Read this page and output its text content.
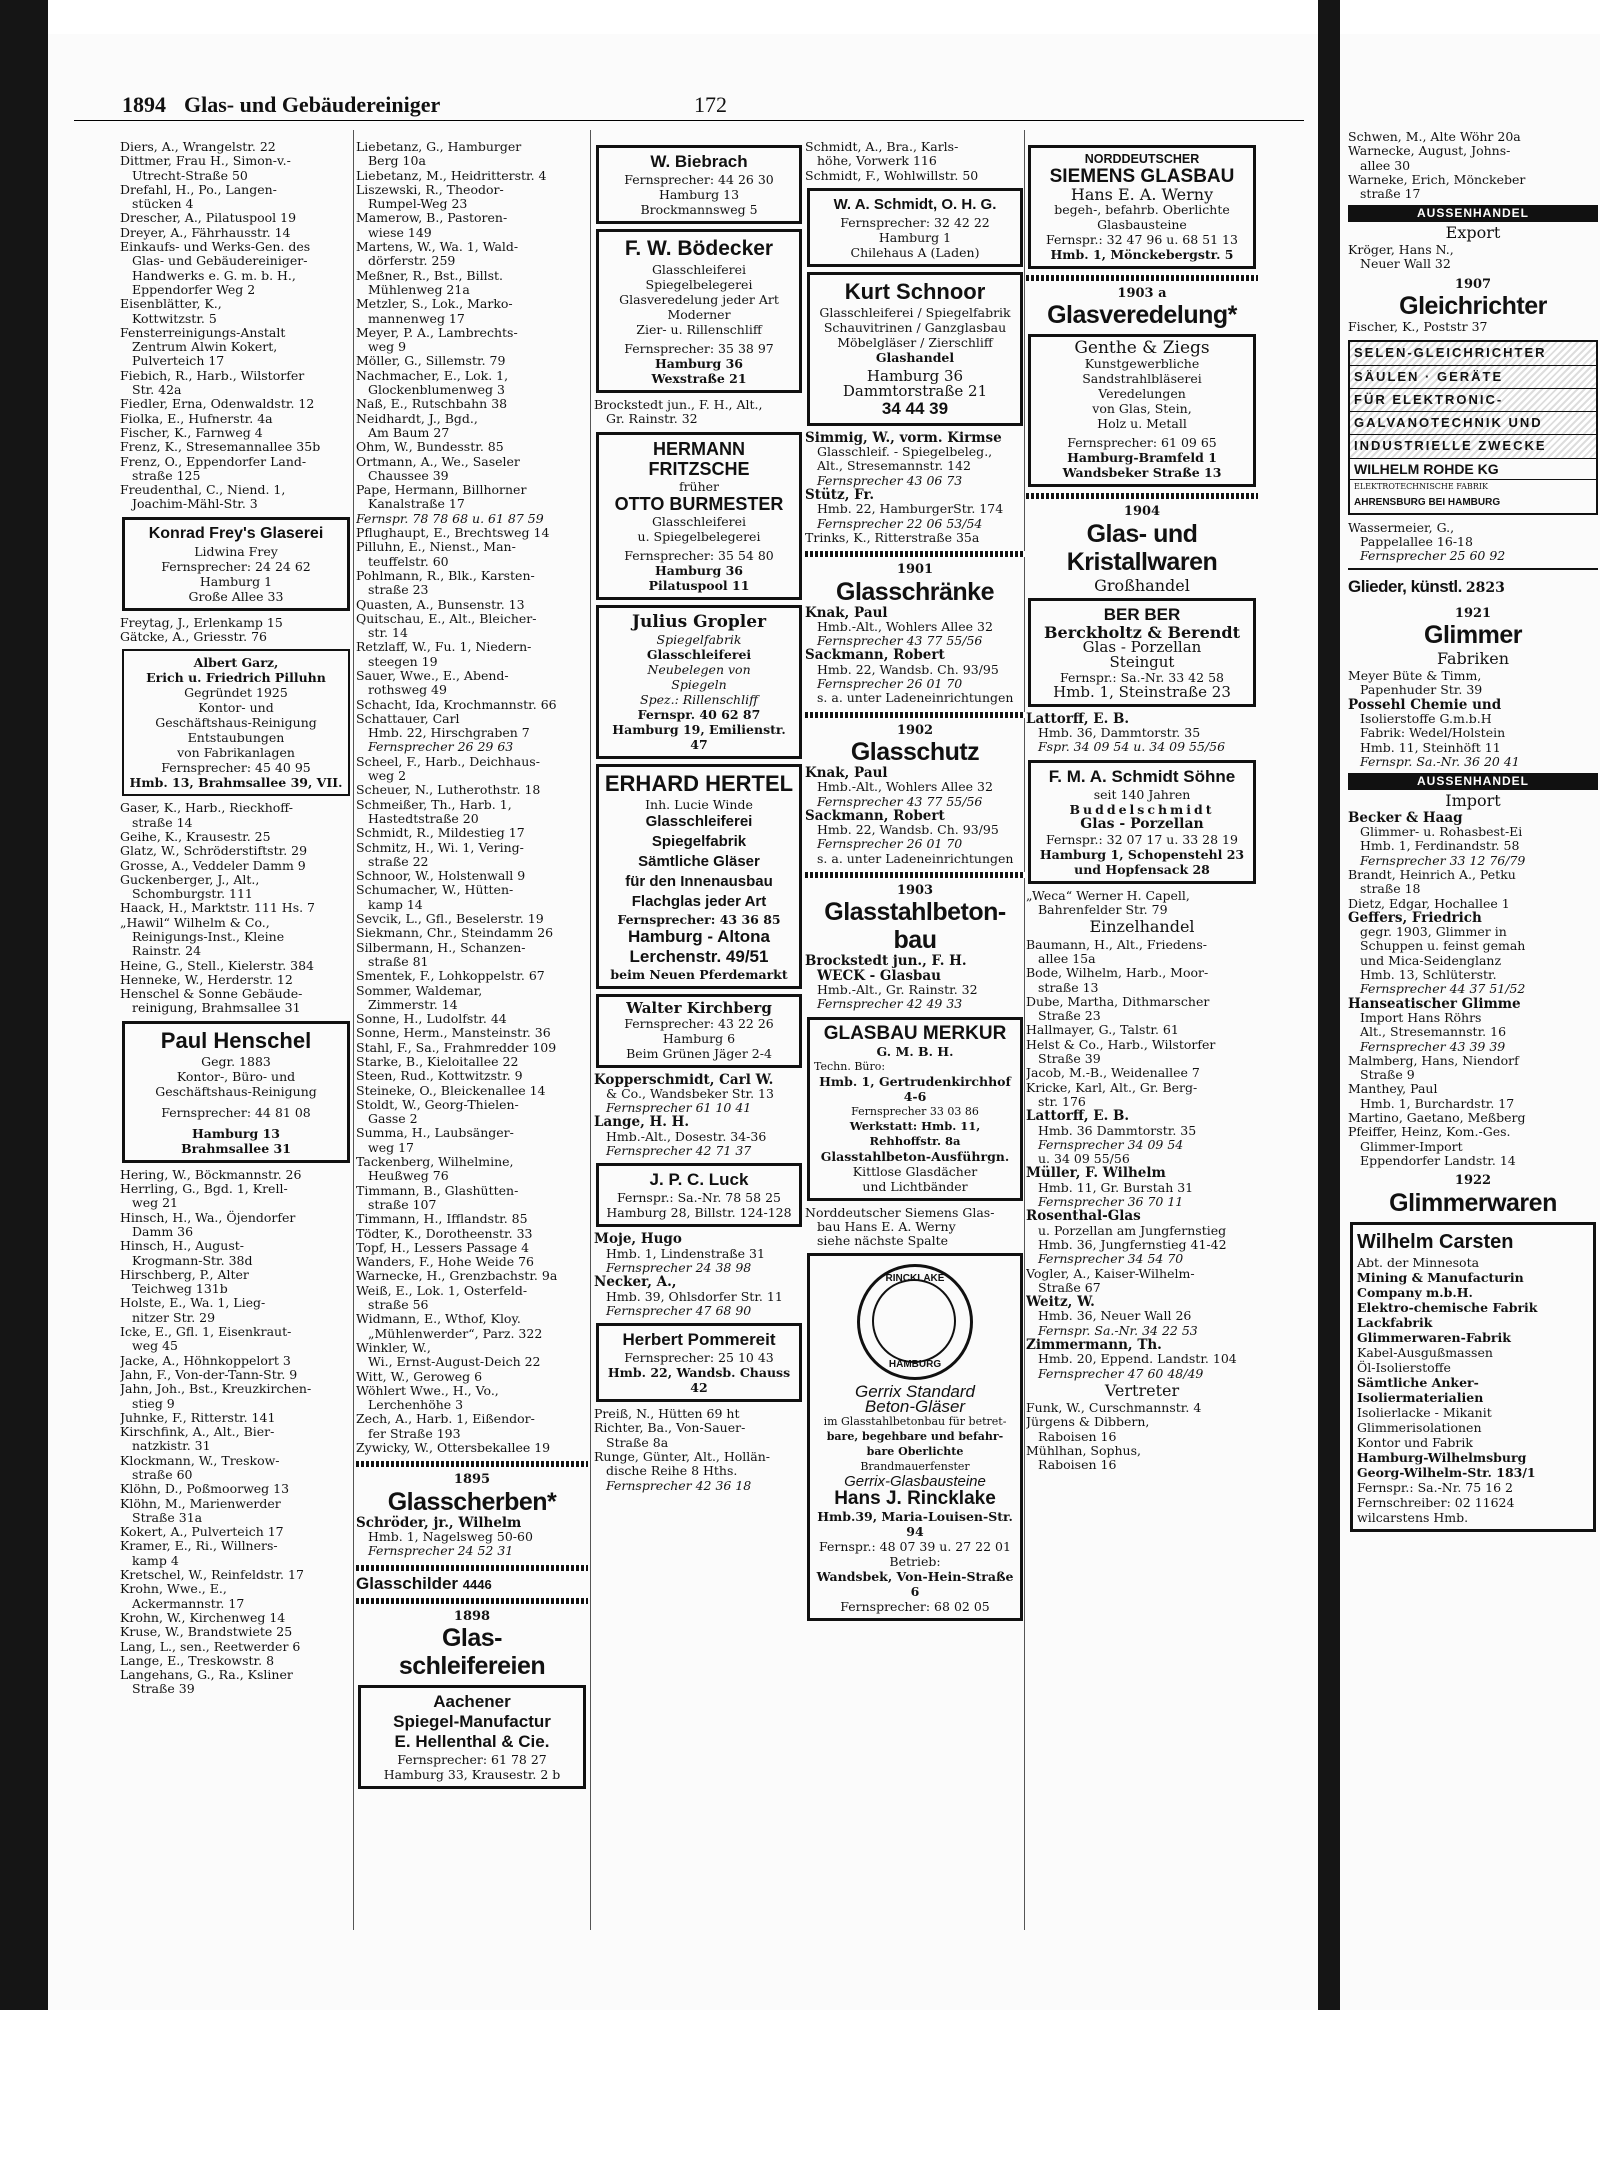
Schwen, M., Alte Wöhr 20a
Warnecke, August, Johns-
allee 30
Warneke, Erich, Mönckeber
straße 17
AUSSENHANDEL
Export
Kröger, Hans N.,
Neuer Wall 32
1907
Gleichrichter
Fischer, K., Poststr 37
SELEN-GLEICHRICHTER
SÄULEN · GERÄTE
FÜR ELEKTRONIC-
GALVANOTECHNIK UND
INDUSTRIELLE ZWECKE
WILHELM ROHDE KG
ELEKTROTECHNISCHE FABRIK
AHRENSBURG BEI HAMBURG
Wassermeier, G.,
Pappelallee 16-18
Fernsprecher 25 60 92
Glieder, künstl. 2823
1921
Glimmer
Fabriken
Meyer Büte & Timm,
Papenhuder Str. 39
Possehl Chemie und
Isolierstoffe G.m.b.H
Fabrik: Wedel/Holstein
Hmb. 11, Steinhöft 11
Fernspr. Sa.-Nr. 36 20 41
AUSSENHANDEL
Import
Becker & Haag
Glimmer- u. Rohasbest-Ei
Hmb. 1, Ferdinandstr. 58
Fernsprecher 33 12 76/79
Brandt, Heinrich A., Petku
straße 18
Dietz, Edgar, Hochallee 1
Geffers, Friedrich
gegr. 1903, Glimmer in
Schuppen u. feinst gemah
und Mica-Seidenglanz
Hmb. 13, Schlüterstr.
Fernsprecher 44 37 51/52
Hanseatischer Glimme
Import Hans Röhrs
Alt., Stresemannstr. 16
Fernsprecher 43 39 39
Malmberg, Hans, Niendorf
Straße 9
Manthey, Paul
Hmb. 1, Burchardstr. 17
Martino, Gaetano, Meßberg
Pfeiffer, Heinz, Kom.-Ges.
Glimmer-Import
Eppendorfer Landstr. 14
1922
Glimmerwaren
Wilhelm Carsten
Abt. der Minnesota
Mining & Manufacturin
Company m.b.H.
Elektro-chemische Fabrik
Lackfabrik
Glimmerwaren-Fabrik
Kabel-Ausgußmassen
Öl-Isolierstoffe
Sämtliche Anker-
Isoliermaterialien
Isolierlacke - Mikanit
Glimmerisolationen
Kontor und Fabrik
Hamburg-Wilhelmsburg
Georg-Wilhelm-Str. 183/1
Fernspr.: Sa.-Nr. 75 16 2
Fernschreiber: 02 11624
wilcarstens Hmb.
1894 Glas- und Gebäudereiniger	172
Diers, A., Wrangelstr. 22
Dittmer, Frau H., Simon-v.-
Utrecht-Straße 50
Drefahl, H., Po., Langen-
stücken 4
Drescher, A., Pilatuspool 19
Dreyer, A., Fährhausstr. 14
Einkaufs- und Werks-Gen. des
Glas- und Gebäudereiniger-
Handwerks e. G. m. b. H.,
Eppendorfer Weg 2
Eisenblätter, K.,
Kottwitzstr. 5
Fensterreinigungs-Anstalt
Zentrum Alwin Kokert,
Pulverteich 17
Fiebich, R., Harb., Wilstorfer
Str. 42a
Fiedler, Erna, Odenwaldstr. 12
Fiolka, E., Hufnerstr. 4a
Fischer, K., Farnweg 4
Frenz, K., Stresemannallee 35b
Frenz, O., Eppendorfer Land-
straße 125
Freudenthal, C., Niend. 1,
Joachim-Mähl-Str. 3
Konrad Frey's Glaserei
Lidwina Frey
Fernsprecher: 24 24 62
Hamburg 1
Große Allee 33
Freytag, J., Erlenkamp 15
Gätcke, A., Griesstr. 76
Albert Garz,
Erich u. Friedrich Pilluhn
Gegründet 1925
Kontor- und
Geschäftshaus-Reinigung
Entstaubungen
von Fabrikanlagen
Fernsprecher: 45 40 95
Hmb. 13, Brahmsallee 39, VII.
Gaser, K., Harb., Rieckhoff-
straße 14
Geihe, K., Krausestr. 25
Glatz, W., Schröderstiftstr. 29
Grosse, A., Veddeler Damm 9
Guckenberger, J., Alt.,
Schomburgstr. 111
Haack, H., Marktstr. 111 Hs. 7
„Hawil“ Wilhelm & Co.,
Reinigungs-Inst., Kleine
Rainstr. 24
Heine, G., Stell., Kielerstr. 384
Henneke, W., Herderstr. 12
Henschel & Sonne Gebäude-
reinigung, Brahmsallee 31
Paul Henschel
Gegr. 1883
Kontor-, Büro- und
Geschäftshaus-Reinigung
Fernsprecher: 44 81 08
Hamburg 13
Brahmsallee 31
Hering, W., Böckmannstr. 26
Herrling, G., Bgd. 1, Krell-
weg 21
Hinsch, H., Wa., Öjendorfer
Damm 36
Hinsch, H., August-
Krogmann-Str. 38d
Hirschberg, P., Alter
Teichweg 131b
Holste, E., Wa. 1, Lieg-
nitzer Str. 29
Icke, E., Gfl. 1, Eisenkraut-
weg 45
Jacke, A., Höhnkoppelort 3
Jahn, F., Von-der-Tann-Str. 9
Jahn, Joh., Bst., Kreuzkirchen-
stieg 9
Juhnke, F., Ritterstr. 141
Kirschfink, A., Alt., Bier-
natzkistr. 31
Klockmann, W., Treskow-
straße 60
Klöhn, D., Poßmoorweg 13
Klöhn, M., Marienwerder
Straße 31a
Kokert, A., Pulverteich 17
Kramer, E., Ri., Willners-
kamp 4
Kretschel, W., Reinfeldstr. 17
Krohn, Wwe., E.,
Ackermannstr. 17
Krohn, W., Kirchenweg 14
Kruse, W., Brandstwiete 25
Lang, L., sen., Reetwerder 6
Lange, E., Treskowstr. 8
Langehans, G., Ra., Ksliner
Straße 39
Liebetanz, G., Hamburger
Berg 10a
Liebetanz, M., Heidritterstr. 4
Liszewski, R., Theodor-
Rumpel-Weg 23
Mamerow, B., Pastoren-
wiese 149
Martens, W., Wa. 1, Wald-
dörferstr. 259
Meßner, R., Bst., Billst.
Mühlenweg 21a
Metzler, S., Lok., Marko-
mannenweg 17
Meyer, P. A., Lambrechts-
weg 9
Möller, G., Sillemstr. 79
Nachmacher, E., Lok. 1,
Glockenblumenweg 3
Naß, E., Rutschbahn 38
Neidhardt, J., Bgd.,
Am Baum 27
Ohm, W., Bundesstr. 85
Ortmann, A., We., Saseler
Chaussee 39
Pape, Hermann, Billhorner
Kanalstraße 17
Fernspr. 78 78 68 u. 61 87 59
Pflughaupt, E., Brechtsweg 14
Pilluhn, E., Nienst., Man-
teuffelstr. 60
Pohlmann, R., Blk., Karsten-
straße 23
Quasten, A., Bunsenstr. 13
Quitschau, E., Alt., Bleicher-
str. 14
Retzlaff, W., Fu. 1, Niedern-
steegen 19
Sauer, Wwe., E., Abend-
rothsweg 49
Schacht, Ida, Krochmannstr. 66
Schattauer, Carl
Hmb. 22, Hirschgraben 7
Fernsprecher 26 29 63
Scheel, F., Harb., Deichhaus-
weg 2
Scheuer, N., Lutherothstr. 18
Schmeißer, Th., Harb. 1,
Hastedtstraße 20
Schmidt, R., Mildestieg 17
Schmitz, H., Wi. 1, Vering-
straße 22
Schnoor, W., Holstenwall 9
Schumacher, W., Hütten-
kamp 14
Sevcik, L., Gfl., Beselerstr. 19
Siekmann, Chr., Steindamm 26
Silbermann, H., Schanzen-
straße 81
Smentek, F., Lohkoppelstr. 67
Sommer, Waldemar,
Zimmerstr. 14
Sonne, H., Ludolfstr. 44
Sonne, Herm., Mansteinstr. 36
Stahl, F., Sa., Frahmredder 109
Starke, B., Kieloitallee 22
Steen, Rud., Kottwitzstr. 9
Steineke, O., Bleickenallee 14
Stoldt, W., Georg-Thielen-
Gasse 2
Summa, H., Laubsänger-
weg 17
Tackenberg, Wilhelmine,
Heußweg 76
Timmann, B., Glashütten-
straße 107
Timmann, H., Ifflandstr. 85
Tödter, K., Dorotheenstr. 33
Topf, H., Lessers Passage 4
Wanders, F., Hohe Weide 76
Warnecke, H., Grenzbachstr. 9a
Weiß, E., Lok. 1, Osterfeld-
straße 56
Widmann, E., Wthof, Kloy.
„Mühlenwerder“, Parz. 322
Winkler, W.,
Wi., Ernst-August-Deich 22
Witt, W., Geroweg 6
Wöhlert Wwe., H., Vo.,
Lerchenhöhe 3
Zech, A., Harb. 1, Eißendor-
fer Straße 193
Zywicky, W., Ottersbekallee 19
1895
Glasscherben*
Schröder, jr., Wilhelm
Hmb. 1, Nagelsweg 50-60
Fernsprecher 24 52 31
Glasschilder 4446
1898
Glas-
schleifereien
Aachener
Spiegel-Manufactur
E. Hellenthal & Cie.
Fernsprecher: 61 78 27
Hamburg 33, Krausestr. 2 b
W. Biebrach
Fernsprecher: 44 26 30
Hamburg 13
Brockmannsweg 5
F. W. Bödecker
Glasschleiferei
Spiegelbelegerei
Glasveredelung jeder Art
Moderner
Zier- u. Rillenschliff
Fernsprecher: 35 38 97
Hamburg 36
Wexstraße 21
Brockstedt jun., F. H., Alt.,
Gr. Rainstr. 32
HERMANN FRITZSCHE
früher
OTTO BURMESTER
Glasschleiferei
u. Spiegelbelegerei
Fernsprecher: 35 54 80
Hamburg 36
Pilatuspool 11
Julius Gropler
Spiegelfabrik
Glasschleiferei
Neubelegen von
Spiegeln
Spez.: Rillenschliff
Fernspr. 40 62 87
Hamburg 19, Emilienstr. 47
ERHARD HERTEL
Inh. Lucie Winde
Glasschleiferei
Spiegelfabrik
Sämtliche Gläser
für den Innenausbau
Flachglas jeder Art
Fernsprecher: 43 36 85
Hamburg - Altona
Lerchenstr. 49/51
beim Neuen Pferdemarkt
Walter Kirchberg
Fernsprecher: 43 22 26
Hamburg 6
Beim Grünen Jäger 2-4
Kopperschmidt, Carl W.
& Co., Wandsbeker Str. 13
Fernsprecher 61 10 41
Lange, H. H.
Hmb.-Alt., Dosestr. 34-36
Fernsprecher 42 71 37
J. P. C. Luck
Fernspr.: Sa.-Nr. 78 58 25
Hamburg 28, Billstr. 124-128
Moje, Hugo
Hmb. 1, Lindenstraße 31
Fernsprecher 24 38 98
Necker, A.,
Hmb. 39, Ohlsdorfer Str. 11
Fernsprecher 47 68 90
Herbert Pommereit
Fernsprecher: 25 10 43
Hmb. 22, Wandsb. Chauss 42
Preiß, N., Hütten 69 ht
Richter, Ba., Von-Sauer-
Straße 8a
Runge, Günter, Alt., Hollän-
dische Reihe 8 Hths.
Fernsprecher 42 36 18
Schmidt, A., Bra., Karls-
höhe, Vorwerk 116
Schmidt, F., Wohlwillstr. 50
W. A. Schmidt, O. H. G.
Fernsprecher: 32 42 22
Hamburg 1
Chilehaus A (Laden)
Kurt Schnoor
Glasschleiferei / Spiegelfabrik
Schauvitrinen / Ganzglasbau
Möbelgläser / Zierschliff
Glashandel
Hamburg 36
Dammtorstraße 21
34 44 39
Simmig, W., vorm. Kirmse
Glasschleif. - Spiegelbeleg.,
Alt., Stresemannstr. 142
Fernsprecher 43 06 73
Stütz, Fr.
Hmb. 22, HamburgerStr. 174
Fernsprecher 22 06 53/54
Trinks, K., Ritterstraße 35a
1901
Glasschränke
Knak, Paul
Hmb.-Alt., Wohlers Allee 32
Fernsprecher 43 77 55/56
Sackmann, Robert
Hmb. 22, Wandsb. Ch. 93/95
Fernsprecher 26 01 70
s. a. unter Ladeneinrichtungen
1902
Glasschutz
Knak, Paul
Hmb.-Alt., Wohlers Allee 32
Fernsprecher 43 77 55/56
Sackmann, Robert
Hmb. 22, Wandsb. Ch. 93/95
Fernsprecher 26 01 70
s. a. unter Ladeneinrichtungen
1903
Glasstahlbeton-
bau
Brockstedt jun., F. H.
WECK - Glasbau
Hmb.-Alt., Gr. Rainstr. 32
Fernsprecher 42 49 33
GLASBAU MERKUR
G. M. B. H.
Techn. Büro:
Hmb. 1, Gertrudenkirchhof 4-6
Fernsprecher 33 03 86
Werkstatt: Hmb. 11, Rehhoffstr. 8a
Glasstahlbeton-Ausführgn.
Kittlose Glasdächer
und Lichtbänder
Norddeutscher Siemens Glas-
bau Hans E. A. Werny
siehe nächste Spalte
RINCKLAKE
HAMBURG
Gerrix Standard
Beton-Gläser
im Glasstahlbetonbau für betret-
bare, begehbare und befahr-
bare Oberlichte
Brandmauerfenster
Gerrix-Glasbausteine
Hans J. Rincklake
Hmb.39, Maria-Louisen-Str. 94
Fernspr.: 48 07 39 u. 27 22 01
Betrieb:
Wandsbek, Von-Hein-Straße 6
Fernsprecher: 68 02 05
NORDDEUTSCHER
SIEMENS GLASBAU
Hans E. A. Werny
begeh-, befahrb. Oberlichte
Glasbausteine
Fernspr.: 32 47 96 u. 68 51 13
Hmb. 1, Mönckebergstr. 5
1903 a
Glasveredelung*
Genthe & Ziegs
Kunstgewerbliche
Sandstrahlbläserei
Veredelungen
von Glas, Stein,
Holz u. Metall
Fernsprecher: 61 09 65
Hamburg-Bramfeld 1
Wandsbeker Straße 13
1904
Glas- und
Kristallwaren
Großhandel
BER BER
Berckholtz & Berendt
Glas - Porzellan
Steingut
Fernspr.: Sa.-Nr. 33 42 58
Hmb. 1, Steinstraße 23
Lattorff, E. B.
Hmb. 36, Dammtorstr. 35
Fspr. 34 09 54 u. 34 09 55/56
F. M. A. Schmidt Söhne
seit 140 Jahren
Buddelschmidt
Glas - Porzellan
Fernspr.: 32 07 17 u. 33 28 19
Hamburg 1, Schopenstehl 23
und Hopfensack 28
„Weca“ Werner H. Capell,
Bahrenfelder Str. 79
Einzelhandel
Baumann, H., Alt., Friedens-
allee 15a
Bode, Wilhelm, Harb., Moor-
straße 13
Dube, Martha, Dithmarscher
Straße 23
Hallmayer, G., Talstr. 61
Helst & Co., Harb., Wilstorfer
Straße 39
Jacob, M.-B., Weidenallee 7
Kricke, Karl, Alt., Gr. Berg-
str. 176
Lattorff, E. B.
Hmb. 36 Dammtorstr. 35
Fernsprecher 34 09 54
u. 34 09 55/56
Müller, F. Wilhelm
Hmb. 11, Gr. Burstah 31
Fernsprecher 36 70 11
Rosenthal-Glas
u. Porzellan am Jungfernstieg
Hmb. 36, Jungfernstieg 41-42
Fernsprecher 34 54 70
Vogler, A., Kaiser-Wilhelm-
Straße 67
Weitz, W.
Hmb. 36, Neuer Wall 26
Fernspr. Sa.-Nr. 34 22 53
Zimmermann, Th.
Hmb. 20, Eppend. Landstr. 104
Fernsprecher 47 60 48/49
Vertreter
Funk, W., Curschmannstr. 4
Jürgens & Dibbern,
Raboisen 16
Mühlhan, Sophus,
Raboisen 16
